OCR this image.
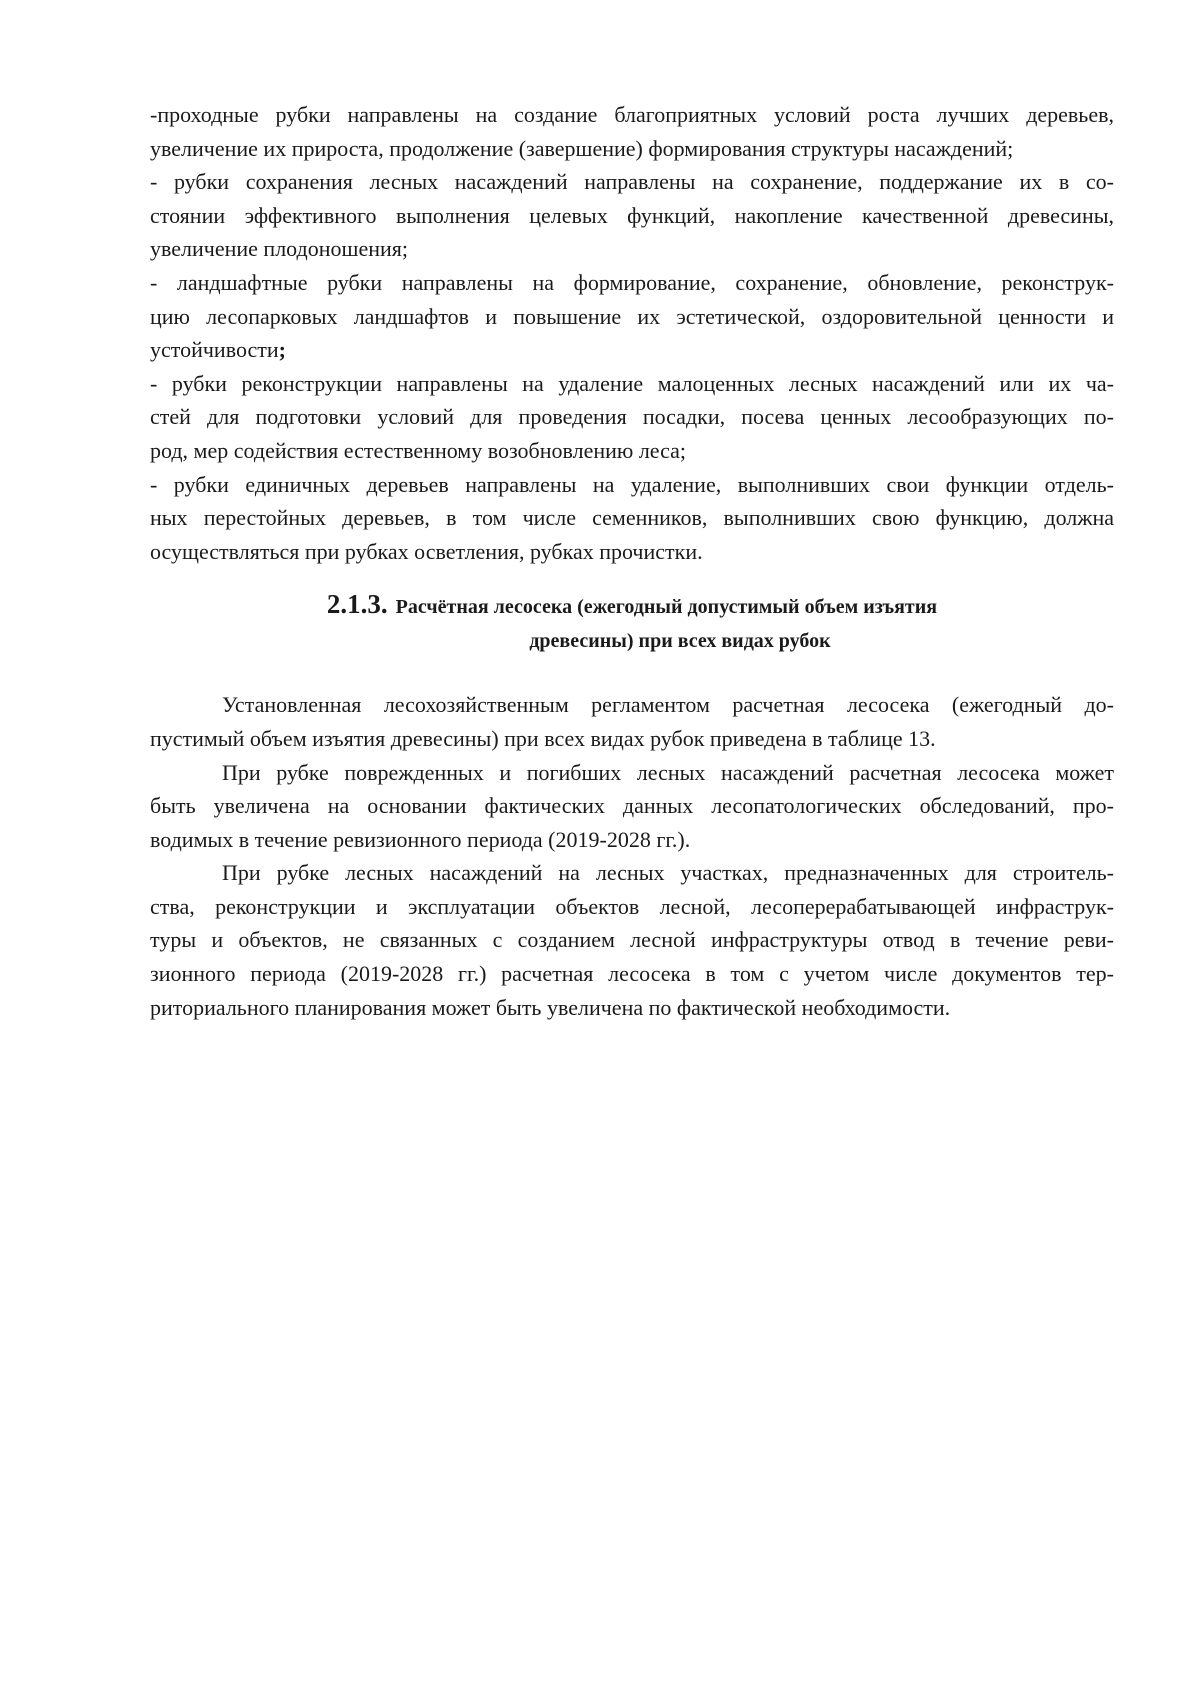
-проходные рубки направлены на создание благоприятных условий роста лучших деревьев,
увеличение их прироста, продолжение (завершение) формирования структуры насаждений;
- рубки сохранения лесных насаждений направлены на сохранение, поддержание их в со-
стоянии эффективного выполнения целевых функций, накопление качественной древесины,
увеличение плодоношения;
- ландшафтные рубки направлены на формирование, сохранение, обновление, реконструк-
цию лесопарковых ландшафтов и повышение их эстетической, оздоровительной ценности и
устойчивости;
- рубки реконструкции направлены на удаление малоценных лесных насаждений или их ча-
стей для подготовки условий для проведения посадки, посева ценных лесообразующих по-
род, мер содействия естественному возобновлению леса;
- рубки единичных деревьев направлены на удаление, выполнивших свои функции отдель-
ных перестойных деревьев, в том числе семенников, выполнивших свою функцию, должна
осуществляться при рубках осветления, рубках прочистки.
2.1.3. Расчётная лесосека (ежегодный допустимый объем изъятия
древесины) при всех видах рубок
Установленная лесохозяйственным регламентом расчетная лесосека (ежегодный до-
пустимый объем изъятия древесины) при всех видах рубок приведена в таблице 13.
При рубке поврежденных и погибших лесных насаждений расчетная лесосека может
быть увеличена на основании фактических данных лесопатологических обследований, про-
водимых в течение ревизионного периода (2019-2028 гг.).
При рубке лесных насаждений на лесных участках, предназначенных для строитель-
ства, реконструкции и эксплуатации объектов лесной, лесоперерабатывающей инфраструк-
туры и объектов, не связанных с созданием лесной инфраструктуры отвод в течение реви-
зионного периода (2019-2028 гг.) расчетная лесосека в том с учетом числе документов тер-
риториального планирования может быть увеличена по фактической необходимости.
